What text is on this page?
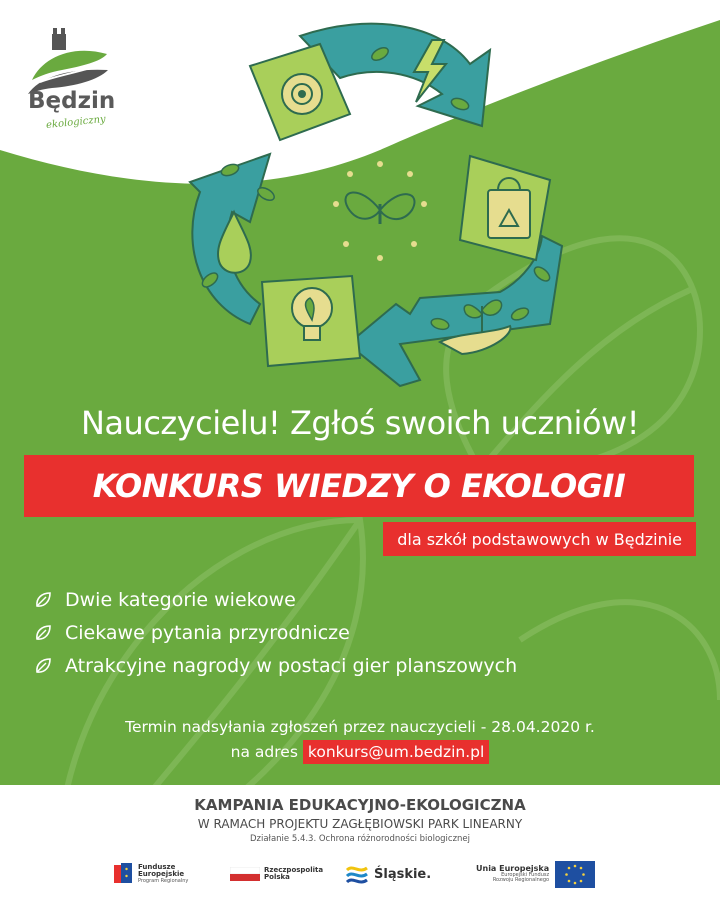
Będzin
ekologiczny
Nauczycielu! Zgłoś swoich uczniów!
KONKURS WIEDZY O EKOLOGII
dla szkół podstawowych w Będzinie
Dwie kategorie wiekowe
Ciekawe pytania przyrodnicze
Atrakcyjne nagrody w postaci gier planszowych
Termin nadsyłania zgłoszeń przez nauczycieli - 28.04.2020 r.
na adres konkurs@um.bedzin.pl
KAMPANIA EDUKACYJNO-EKOLOGICZNA
W RAMACH PROJEKTU ZAGŁĘBIOWSKI PARK LINEARNY
Działanie 5.4.3. Ochrona różnorodności biologicznej
Fundusze
Europejskie
Program Regionalny
Rzeczpospolita
Polska	Śląskie.	Unia Europejska
Europejski Fundusz
Rozwoju Regionalnego
